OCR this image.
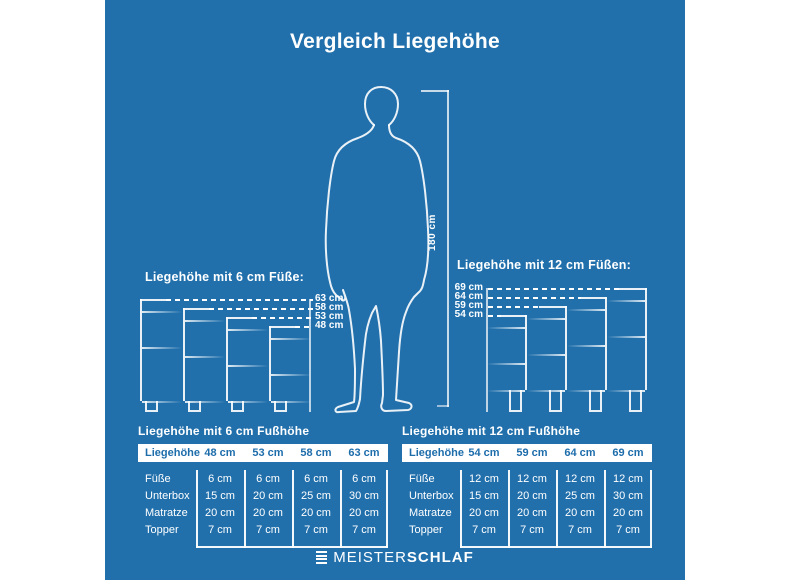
Vergleich Liegehöhe
180 cm
Liegehöhe mit 6 cm Füße:
Liegehöhe mit 12 cm Füßen:
63 cm
58 cm
53 cm
48 cm
54 cm
59 cm
64 cm
69 cm
Liegehöhe mit 6 cm Fußhöhe
Liegehöhe 48 cm	53 cm	58 cm	63 cm
Füße	6 cm	6 cm	6 cm	6 cm
Unterbox	15 cm	20 cm	25 cm	30 cm
Matratze	20 cm	20 cm	20 cm	20 cm
Topper	7 cm	7 cm	7 cm	7 cm
Liegehöhe mit 12 cm Fußhöhe
Liegehöhe 54 cm	59 cm	64 cm	69 cm
Füße	12 cm	12 cm	12 cm	12 cm
Unterbox	15 cm	20 cm	25 cm	30 cm
Matratze	20 cm	20 cm	20 cm	20 cm
Topper	7 cm	7 cm	7 cm	7 cm
MEISTERSCHLAF
